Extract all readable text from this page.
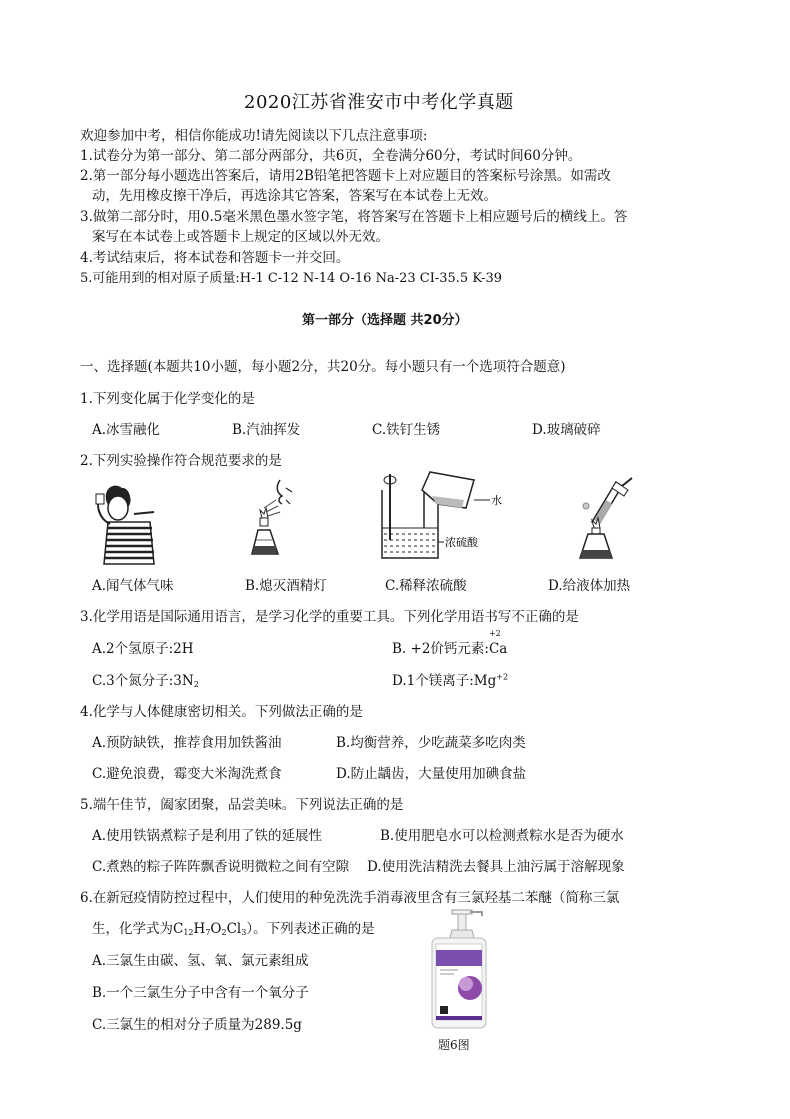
2020江苏省淮安市中考化学真题
欢迎参加中考，相信你能成功!请先阅读以下几点注意事项:
1.试卷分为第一部分、第二部分两部分，共6页，全卷满分60分，考试时间60分钟。
2.第一部分每小题选出答案后，请用2B铅笔把答题卡上对应题目的答案标号涂黑。如需改
动，先用橡皮擦干净后，再选涂其它答案，答案写在本试卷上无效。
3.做第二部分时，用0.5毫米黑色墨水签字笔，将答案写在答题卡上相应题号后的横线上。答
案写在本试卷上或答题卡上规定的区域以外无效。
4.考试结束后，将本试卷和答题卡一并交回。
5.可能用到的相对原子质量:H-1 C-12 N-14 O-16 Na-23 CI-35.5 K-39
第一部分（选择题 共20分）
一、选择题(本题共10小题，每小题2分，共20分。每小题只有一个选项符合题意)
1.下列变化属于化学变化的是
A.冰雪融化	B.汽油挥发	C.铁钉生锈	D.玻璃破碎
2.下列实验操作符合规范要求的是
水
浓硫酸
A.闻气体气味	B.熄灭酒精灯	C.稀释浓硫酸	D.给液体加热
3.化学用语是国际通用语言，是学习化学的重要工具。下列化学用语书写不正确的是
A.2个氢原子:2H	B. +2价钙元素:
+2
Ca
C.3个氮分子$:3N_2$	D.1个镁离子$:Mg^{+2}$
4.化学与人体健康密切相关。下列做法正确的是
A.预防缺铁，推荐食用加铁酱油	B.均衡营养，少吃蔬菜多吃肉类
C.避免浪费，霉变大米淘洗煮食	D.防止龋齿，大量使用加碘食盐
5.端午佳节，阖家团聚，品尝美味。下列说法正确的是
A.使用铁锅煮粽子是利用了铁的延展性	B.使用肥皂水可以检测煮粽水是否为硬水
C.煮熟的粽子阵阵飘香说明微粒之间有空隙 D.使用洗洁精洗去餐具上油污属于溶解现象
6.在新冠疫情防控过程中，人们使用的种免洗洗手消毒液里含有三氯羟基二苯醚（简称三氯
生，化学式为$C_{12}H_7O_2Cl_3$）。下列表述正确的是
A.三氯生由碳、氢、氧、氯元素组成
B.一个三氯生分子中含有一个氧分子
C.三氯生的相对分子质量为289.5g
题6图
